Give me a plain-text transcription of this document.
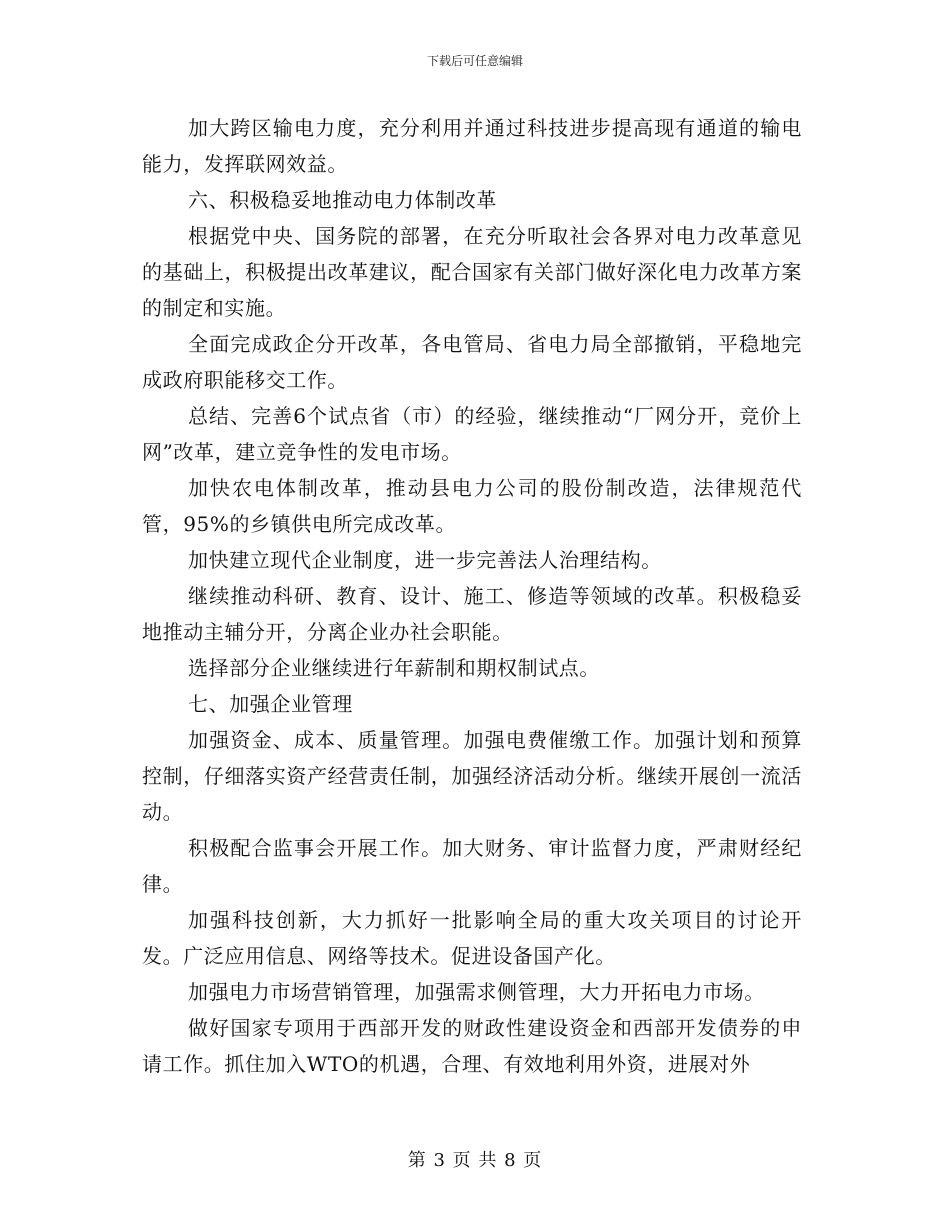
下载后可任意编辑

加大跨区输电力度，充分利用并通过科技进步提高现有通道的输电能力，发挥联网效益。

六、积极稳妥地推动电力体制改革

根据党中央、国务院的部署，在充分听取社会各界对电力改革意见的基础上，积极提出改革建议，配合国家有关部门做好深化电力改革方案的制定和实施。

全面完成政企分开改革，各电管局、省电力局全部撤销，平稳地完成政府职能移交工作。

总结、完善6个试点省（市）的经验，继续推动“厂网分开，竞价上网”改革，建立竞争性的发电市场。

加快农电体制改革，推动县电力公司的股份制改造，法律规范代管，95%的乡镇供电所完成改革。

加快建立现代企业制度，进一步完善法人治理结构。

继续推动科研、教育、设计、施工、修造等领域的改革。积极稳妥地推动主辅分开，分离企业办社会职能。

选择部分企业继续进行年薪制和期权制试点。

七、加强企业管理

加强资金、成本、质量管理。加强电费催缴工作。加强计划和预算控制，仔细落实资产经营责任制，加强经济活动分析。继续开展创一流活动。

积极配合监事会开展工作。加大财务、审计监督力度，严肃财经纪律。

加强科技创新，大力抓好一批影响全局的重大攻关项目的讨论开发。广泛应用信息、网络等技术。促进设备国产化。

加强电力市场营销管理，加强需求侧管理，大力开拓电力市场。

做好国家专项用于西部开发的财政性建设资金和西部开发债券的申请工作。抓住加入WTO的机遇，合理、有效地利用外资，进展对外

第 3 页 共 8 页
